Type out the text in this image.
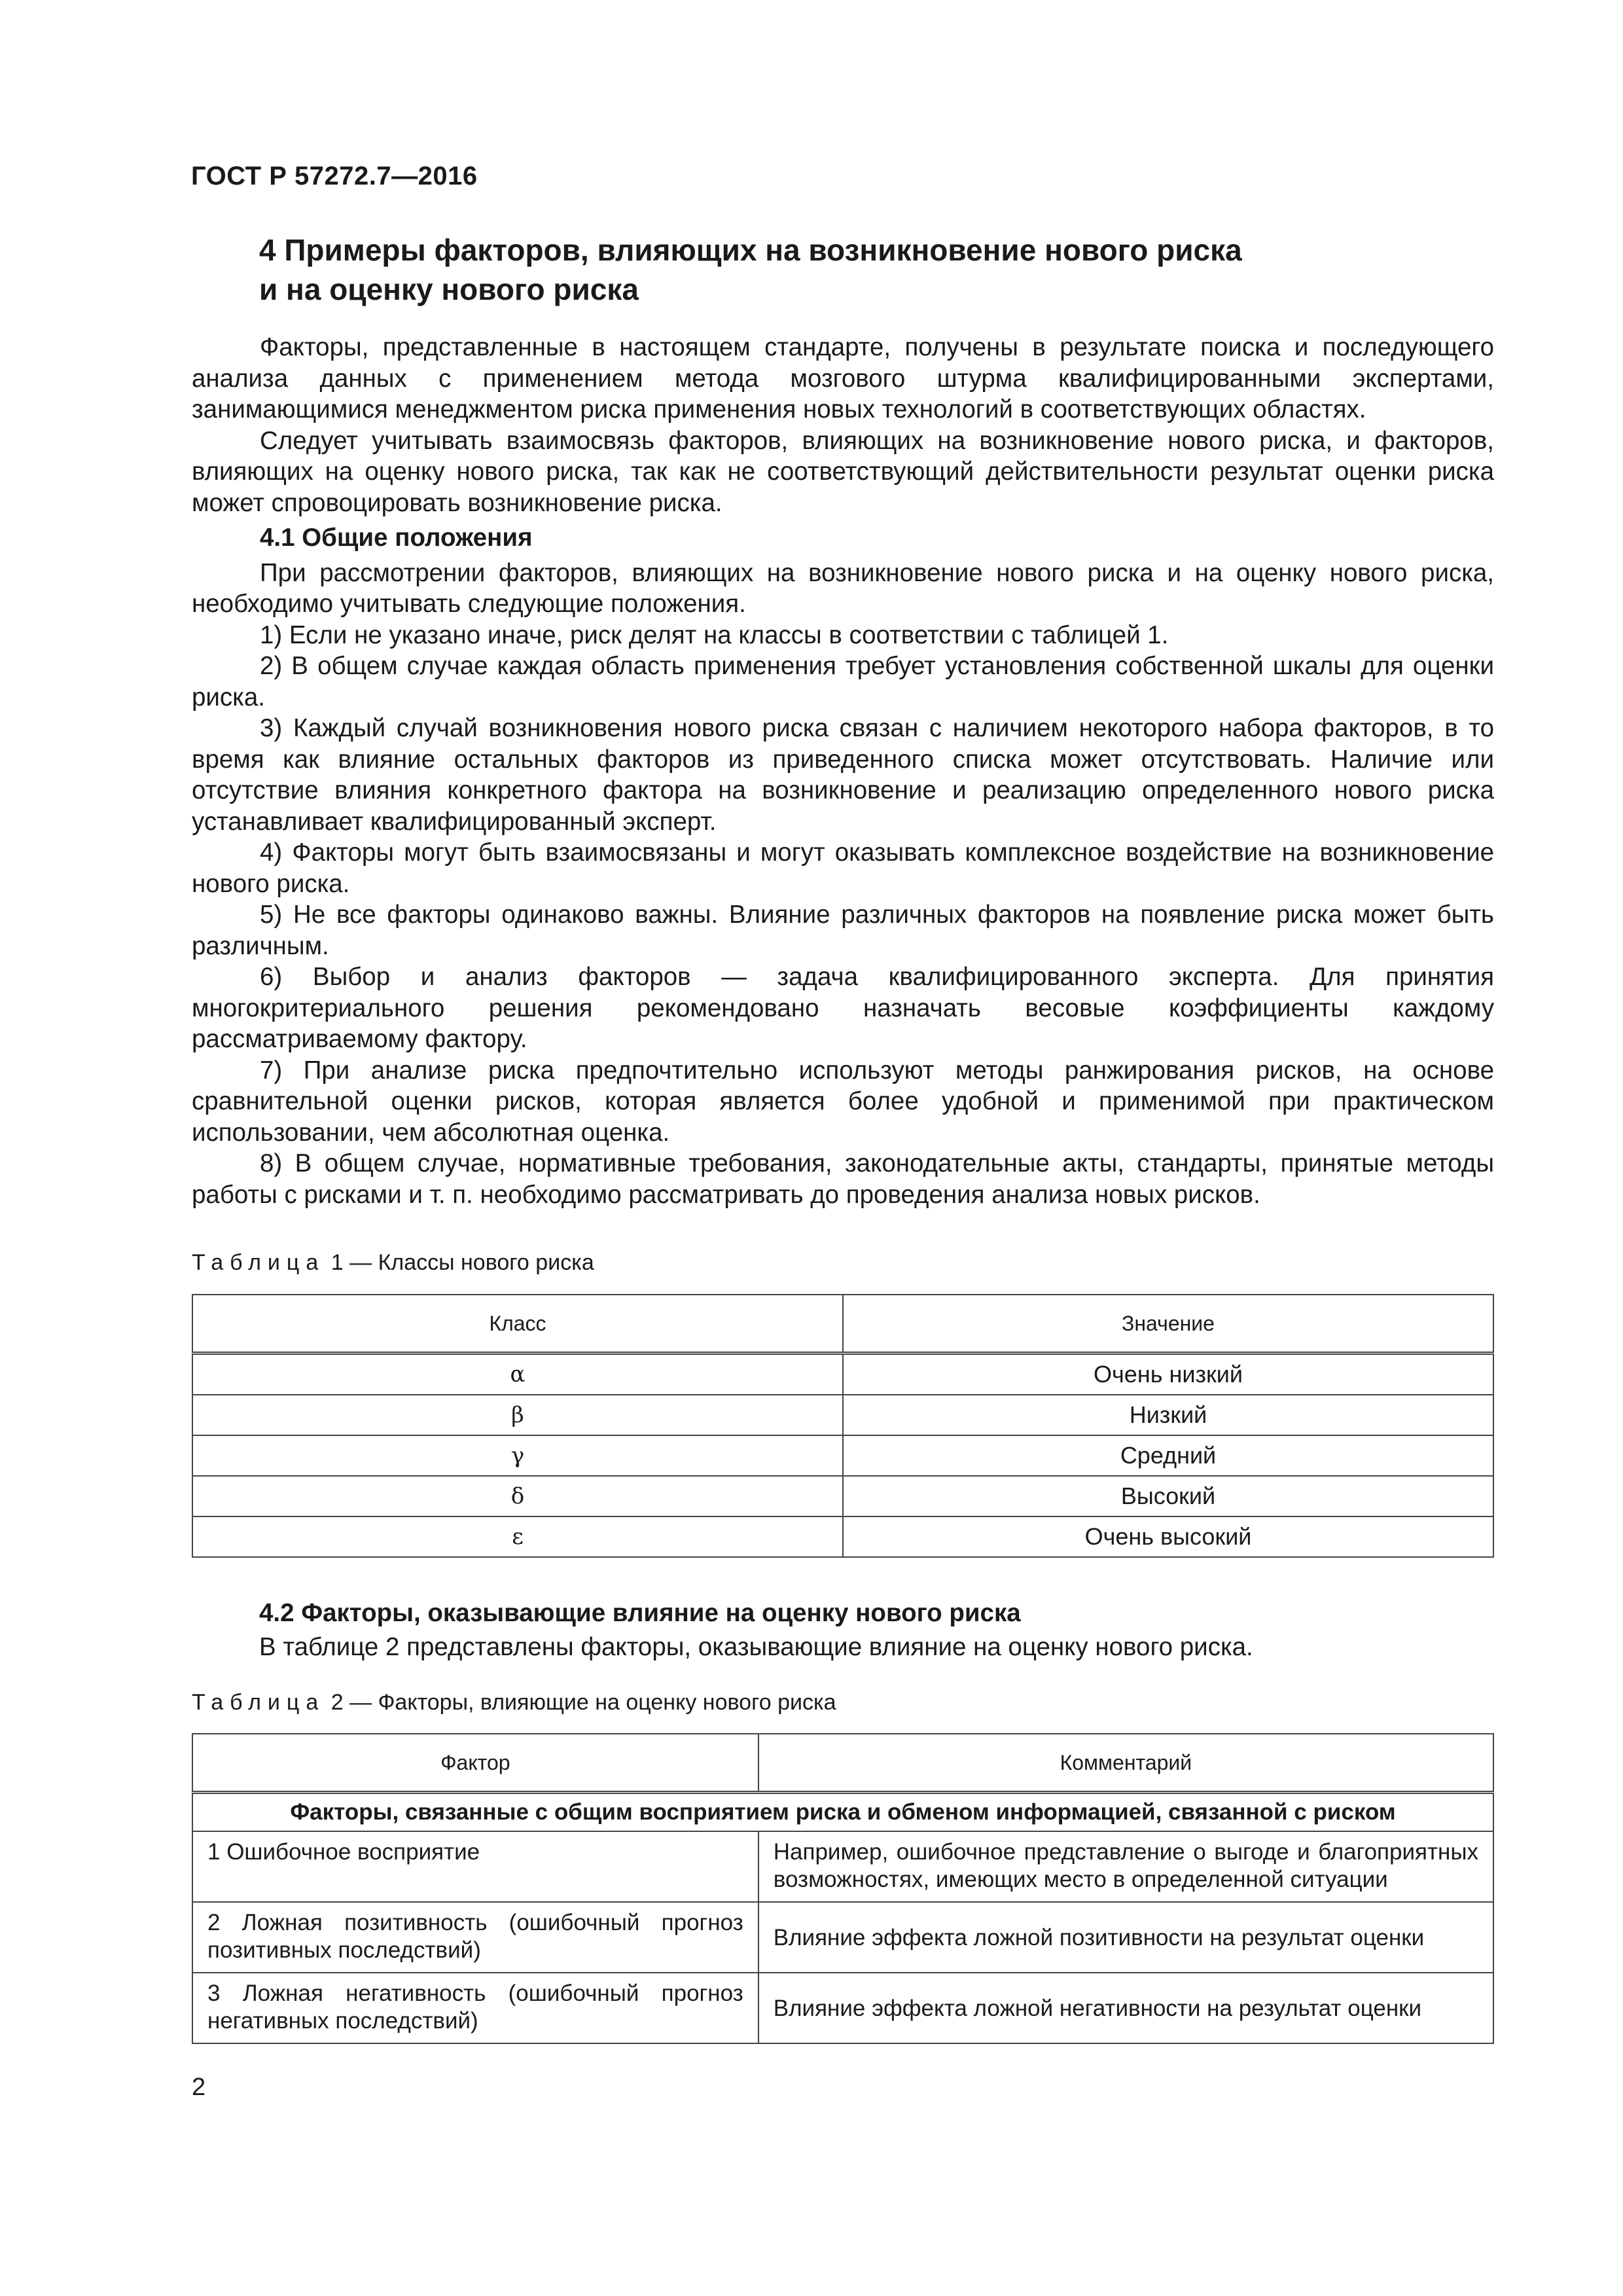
ГОСТ Р 57272.7—2016
4 Примеры факторов, влияющих на возникновение нового риска
и на оценку нового риска

Факторы, представленные в настоящем стандарте, получены в результате поиска и последующего анализа данных с применением метода мозгового штурма квалифицированными экспертами, занимающимися менеджментом риска применения новых технологий в соответствующих областях.

Следует учитывать взаимосвязь факторов, влияющих на возникновение нового риска, и факторов, влияющих на оценку нового риска, так как не соответствующий действительности результат оценки риска может спровоцировать возникновение риска.

4.1 Общие положения

При рассмотрении факторов, влияющих на возникновение нового риска и на оценку нового риска, необходимо учитывать следующие положения.

1) Если не указано иначе, риск делят на классы в соответствии с таблицей 1.

2) В общем случае каждая область применения требует установления собственной шкалы для оценки риска.

3) Каждый случай возникновения нового риска связан с наличием некоторого набора факторов, в то время как влияние остальных факторов из приведенного списка может отсутствовать. Наличие или отсутствие влияния конкретного фактора на возникновение и реализацию определенного нового риска устанавливает квалифицированный эксперт.

4) Факторы могут быть взаимосвязаны и могут оказывать комплексное воздействие на возникновение нового риска.

5) Не все факторы одинаково важны. Влияние различных факторов на появление риска может быть различным.

6) Выбор и анализ факторов — задача квалифицированного эксперта. Для принятия многокритериального решения рекомендовано назначать весовые коэффициенты каждому рассматриваемому фактору.

7) При анализе риска предпочтительно используют методы ранжирования рисков, на основе сравнительной оценки рисков, которая является более удобной и применимой при практическом использовании, чем абсолютная оценка.

8) В общем случае, нормативные требования, законодательные акты, стандарты, принятые методы работы с рисками и т. п. необходимо рассматривать до проведения анализа новых рисков.

Таблица 1 — Классы нового риска
Класс	Значение
α	Очень низкий
β	Низкий
γ	Средний
δ	Высокий
ε	Очень высокий
4.2 Факторы, оказывающие влияние на оценку нового риска
В таблице 2 представлены факторы, оказывающие влияние на оценку нового риска.
Таблица 2 — Факторы, влияющие на оценку нового риска
Фактор	Комментарий
Факторы, связанные с общим восприятием риска и обменом информацией, связанной с риском	
1 Ошибочное восприятие	Например, ошибочное представление о выгоде и благоприятных возможностях, имеющих место в определенной ситуации
2 Ложная позитивность (ошибочный прогноз позитивных последствий)	Влияние эффекта ложной позитивности на результат оценки
3 Ложная негативность (ошибочный прогноз негативных последствий)	Влияние эффекта ложной негативности на результат оценки
2
